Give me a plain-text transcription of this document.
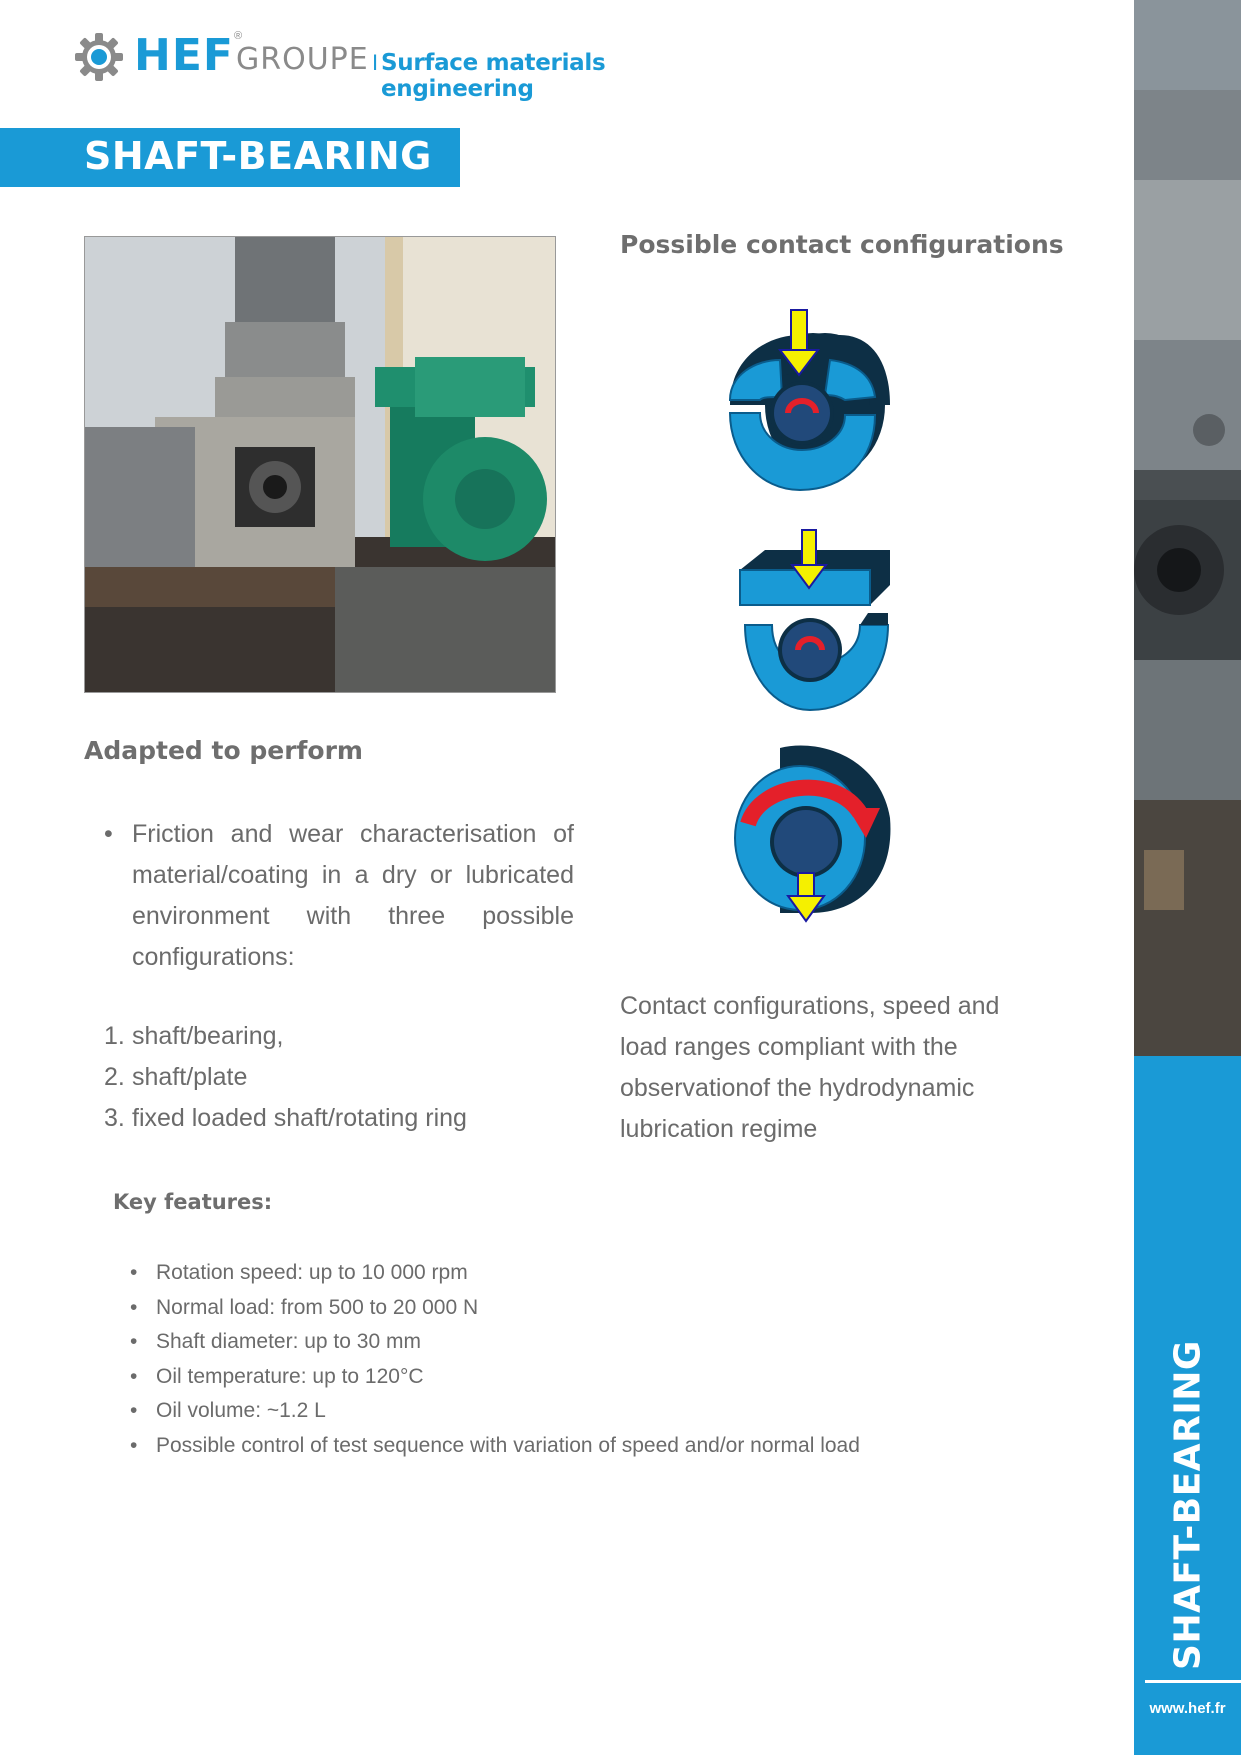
HEF ®
GROUPE I Surface materials engineering
SHAFT-BEARING
Possible contact configurations
Contact configurations, speed and load ranges compliant with the observationof the hydrodynamic lubrication regime
Adapted to perform
• Friction and wear characterisation of material/coating in a dry or lubricated environment with three possible configurations:
1. shaft/bearing,
2. shaft/plate
3. fixed loaded shaft/rotating ring
Key features:
• Rotation speed: up to 10 000 rpm
• Normal load: from 500 to 20 000 N
• Shaft diameter: up to 30 mm
• Oil temperature: up to 120°C
• Oil volume: ~1.2 L
• Possible control of test sequence with variation of speed and/or normal load	SHAFT-BEARING
www.hef.fr
